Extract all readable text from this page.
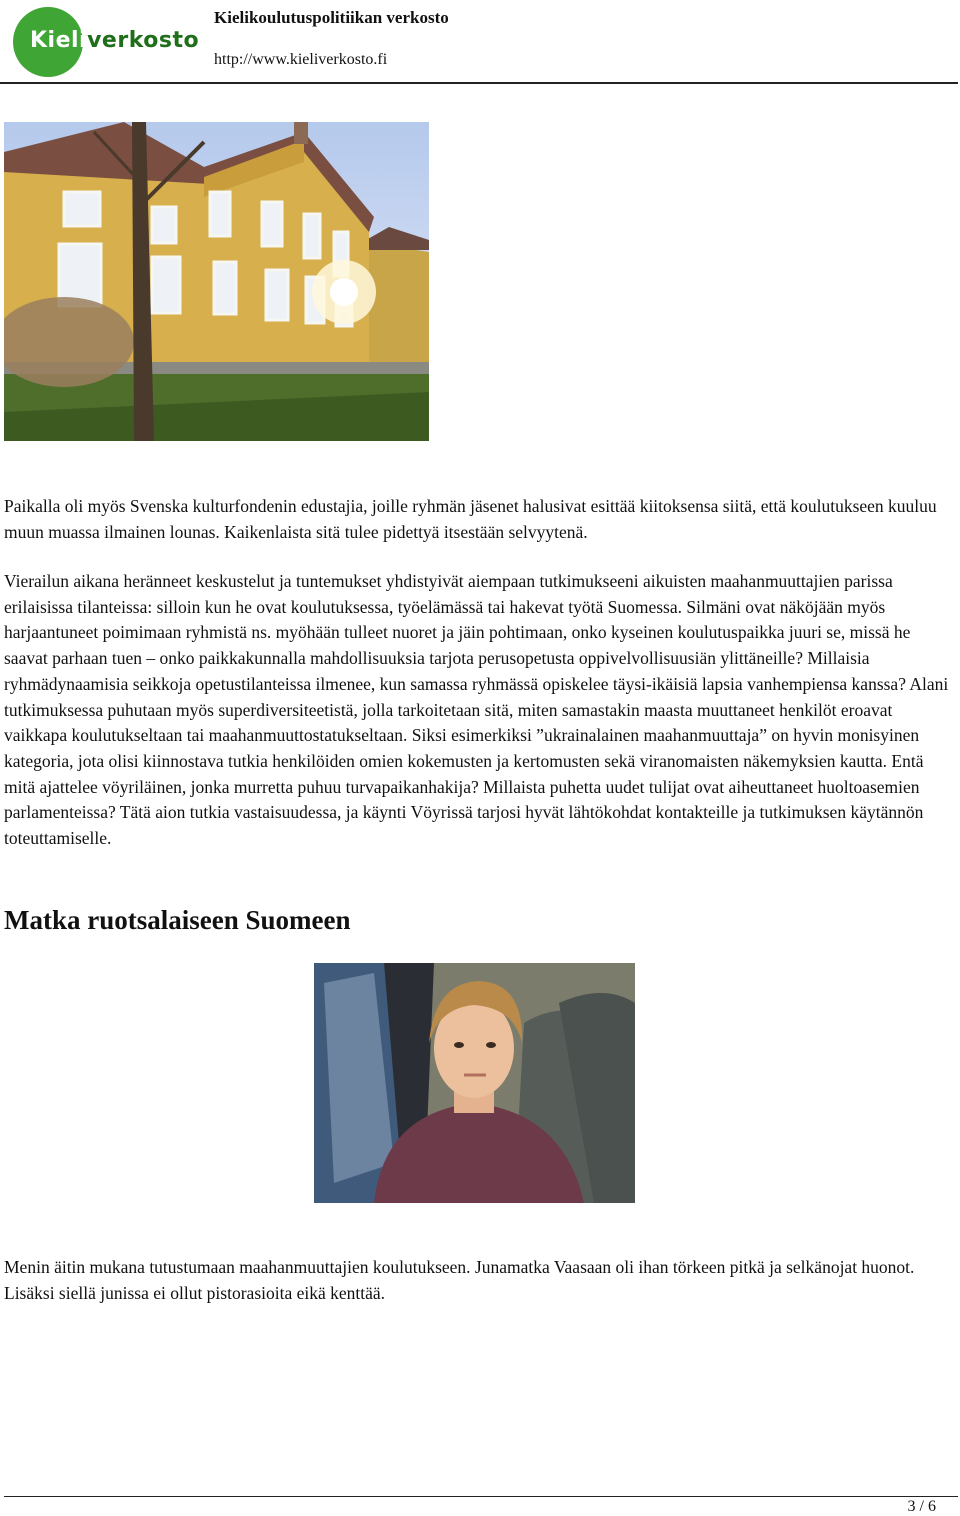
Kieliverkosto
Kielikoulutuspolitiikan verkosto
http://www.kieliverkosto.fi

Paikalla oli myös Svenska kulturfondenin edustajia, joille ryhmän jäsenet halusivat esittää kiitoksensa siitä, että koulutukseen kuuluu muun muassa ilmainen lounas. Kaikenlaista sitä tulee pidettyä itsestään selvyytenä.

Vierailun aikana heränneet keskustelut ja tuntemukset yhdistyivät aiempaan tutkimukseeni aikuisten maahanmuuttajien parissa erilaisissa tilanteissa: silloin kun he ovat koulutuksessa, työelämässä tai hakevat työtä Suomessa. Silmäni ovat näköjään myös harjaantuneet poimimaan ryhmistä ns. myöhään tulleet nuoret ja jäin pohtimaan, onko kyseinen koulutuspaikka juuri se, missä he saavat parhaan tuen – onko paikkakunnalla mahdollisuuksia tarjota perusopetusta oppivelvollisuusiän ylittäneille? Millaisia ryhmädynaamisia seikkoja opetustilanteissa ilmenee, kun samassa ryhmässä opiskelee täysi-ikäisiä lapsia vanhempiensa kanssa? Alani tutkimuksessa puhutaan myös superdiversiteetistä, jolla tarkoitetaan sitä, miten samastakin maasta muuttaneet henkilöt eroavat vaikkapa koulutukseltaan tai maahanmuuttostatukseltaan. Siksi esimerkiksi ”ukrainalainen maahanmuuttaja” on hyvin monisyinen kategoria, jota olisi kiinnostava tutkia henkilöiden omien kokemusten ja kertomusten sekä viranomaisten näkemyksien kautta. Entä mitä ajattelee vöyriläinen, jonka murretta puhuu turvapaikanhakija? Millaista puhetta uudet tulijat ovat aiheuttaneet huoltoasemien parlamenteissa? Tätä aion tutkia vastaisuudessa, ja käynti Vöyrissä tarjosi hyvät lähtökohdat kontakteille ja tutkimuksen käytännön toteuttamiselle.

Matka ruotsalaiseen Suomeen

Menin äitin mukana tutustumaan maahanmuuttajien koulutukseen. Junamatka Vaasaan oli ihan törkeen pitkä ja selkänojat huonot. Lisäksi siellä junissa ei ollut pistorasioita eikä kenttää.

3 / 6
